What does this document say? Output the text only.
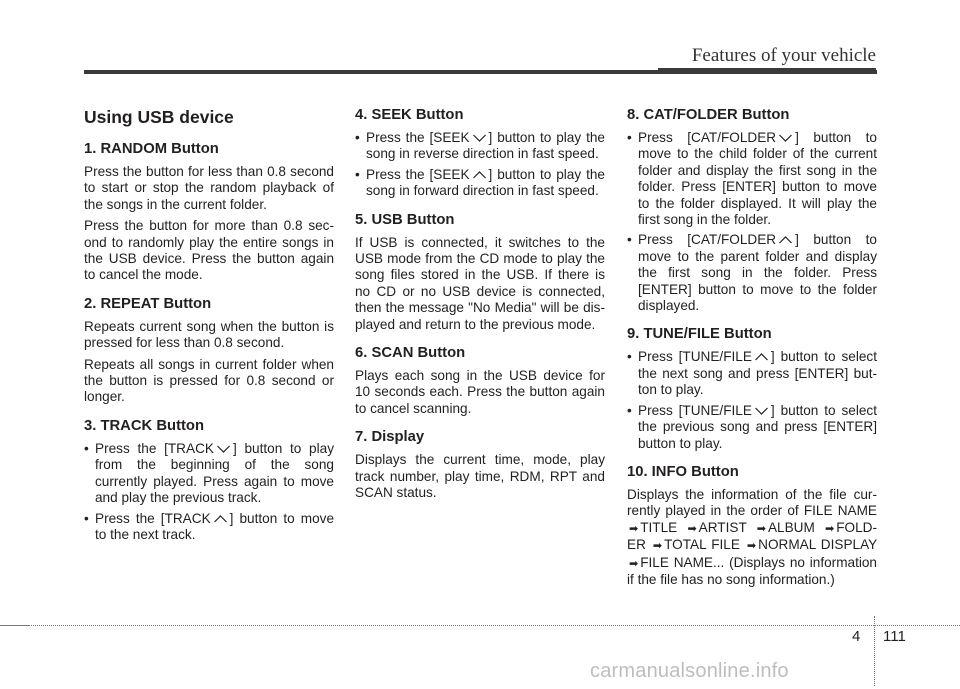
Features of your vehicle
Using USB device
1. RANDOM Button

Press the button for less than 0.8 second to start or stop the random playback of the songs in the current folder.

Press the button for more than 0.8 sec- ond to randomly play the entire songs in the USB device. Press the button again to cancel the mode.

2. REPEAT Button

Repeats current song when the button is pressed for less than 0.8 second.

Repeats all songs in current folder when the button is pressed for 0.8 second or longer.

3. TRACK Button
• Press the [TRACK ] button to play from the beginning of the song currently played. Press again to move and play the previous track.
• Press the [TRACK ] button to move to the next track.
4. SEEK Button
• Press the [SEEK ] button to play the song in reverse direction in fast speed.
• Press the [SEEK ] button to play the song in forward direction in fast speed.
5. USB Button

If USB is connected, it switches to the USB mode from the CD mode to play the song files stored in the USB. If there is no CD or no USB device is connected, then the message "No Media" will be dis- played and return to the previous mode.

6. SCAN Button

Plays each song in the USB device for 10 seconds each. Press the button again to cancel scanning.

7. Display

Displays the current time, mode, play track number, play time, RDM, RPT and SCAN status.

8. CAT/FOLDER Button
• Press [CAT/FOLDER ] button to move to the child folder of the current folder and display the first song in the folder. Press [ENTER] button to move to the folder displayed. It will play the first song in the folder.
• Press [CAT/FOLDER ] button to move to the parent folder and display the first song in the folder. Press [ENTER] button to move to the folder displayed.
9. TUNE/FILE Button
• Press [TUNE/FILE ] button to select the next song and press [ENTER] but- ton to play.
• Press [TUNE/FILE ] button to select the previous song and press [ENTER] button to play.
10. INFO Button

Displays the information of the file cur- rently played in the order of FILE NAME ➡ TITLE ➡ ARTIST ➡ ALBUM ➡ FOLD- ER ➡ TOTAL FILE ➡ NORMAL DISPLAY ➡ FILE NAME... (Displays no information if the file has no song information.)

4 111
carmanualsonline.info
